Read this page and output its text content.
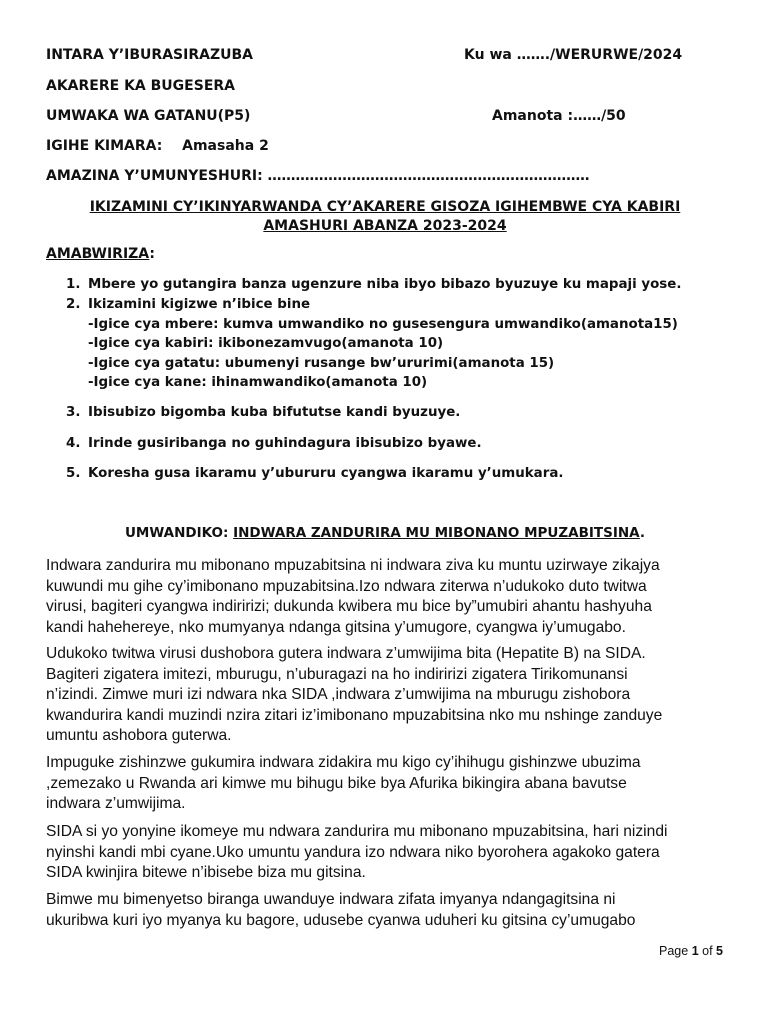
INTARA Y’IBURASIRAZUBA	Ku wa ……./WERURWE/2024
AKARERE KA BUGESERA
UMWAKA WA GATANU(P5)	Amanota :……/50
IGIHE KIMARA: Amasaha 2
AMAZINA Y’UMUNYESHURI: ……………………………………………………………
IKIZAMINI CY’IKINYARWANDA CY’AKARERE GISOZA IGIHEMBWE CYA KABIRI
AMASHURI ABANZA 2023-2024
AMABWIRIZA:
1. Mbere yo gutangira banza ugenzure niba ibyo bibazo byuzuye ku mapaji yose.
2. Ikizamini kigizwe n’ibice bine
-Igice cya mbere: kumva umwandiko no gusesengura umwandiko(amanota15)
-Igice cya kabiri: ikibonezamvugo(amanota 10)
-Igice cya gatatu: ubumenyi rusange bw’ururimi(amanota 15)
-Igice cya kane: ihinamwandiko(amanota 10)
3. Ibisubizo bigomba kuba bifututse kandi byuzuye.
4. Irinde gusiribanga no guhindagura ibisubizo byawe.
5. Koresha gusa ikaramu y’ubururu cyangwa ikaramu y’umukara.
UMWANDIKO: INDWARA ZANDURIRA MU MIBONANO MPUZABITSINA.
Indwara zandurira mu mibonano mpuzabitsina ni indwara ziva ku muntu uzirwaye zikajya
kuwundi mu gihe cy’imibonano mpuzabitsina.Izo ndwara ziterwa n’udukoko duto twitwa
virusi, bagiteri cyangwa indiririzi; dukunda kwibera mu bice by”umubiri ahantu hashyuha
kandi hahehereye, nko mumyanya ndanga gitsina y’umugore, cyangwa iy’umugabo.
Udukoko twitwa virusi dushobora gutera indwara z’umwijima bita (Hepatite B) na SIDA.
Bagiteri zigatera imitezi, mburugu, n’uburagazi na ho indiririzi zigatera Tirikomunansi
n’izindi. Zimwe muri izi ndwara nka SIDA ,indwara z’umwijima na mburugu zishobora
kwandurira kandi muzindi nzira zitari iz’imibonano mpuzabitsina nko mu nshinge zanduye
umuntu ashobora guterwa.
Impuguke zishinzwe gukumira indwara zidakira mu kigo cy’ihihugu gishinzwe ubuzima
,zemezako u Rwanda ari kimwe mu bihugu bike bya Afurika bikingira abana bavutse
indwara z’umwijima.
SIDA si yo yonyine ikomeye mu ndwara zandurira mu mibonano mpuzabitsina, hari nizindi
nyinshi kandi mbi cyane.Uko umuntu yandura izo ndwara niko byorohera agakoko gatera
SIDA kwinjira bitewe n’ibisebe biza mu gitsina.
Bimwe mu bimenyetso biranga uwanduye indwara zifata imyanya ndangagitsina ni
ukuribwa kuri iyo myanya ku bagore, udusebe cyanwa uduheri ku gitsina cy’umugabo
Page 1 of 5
